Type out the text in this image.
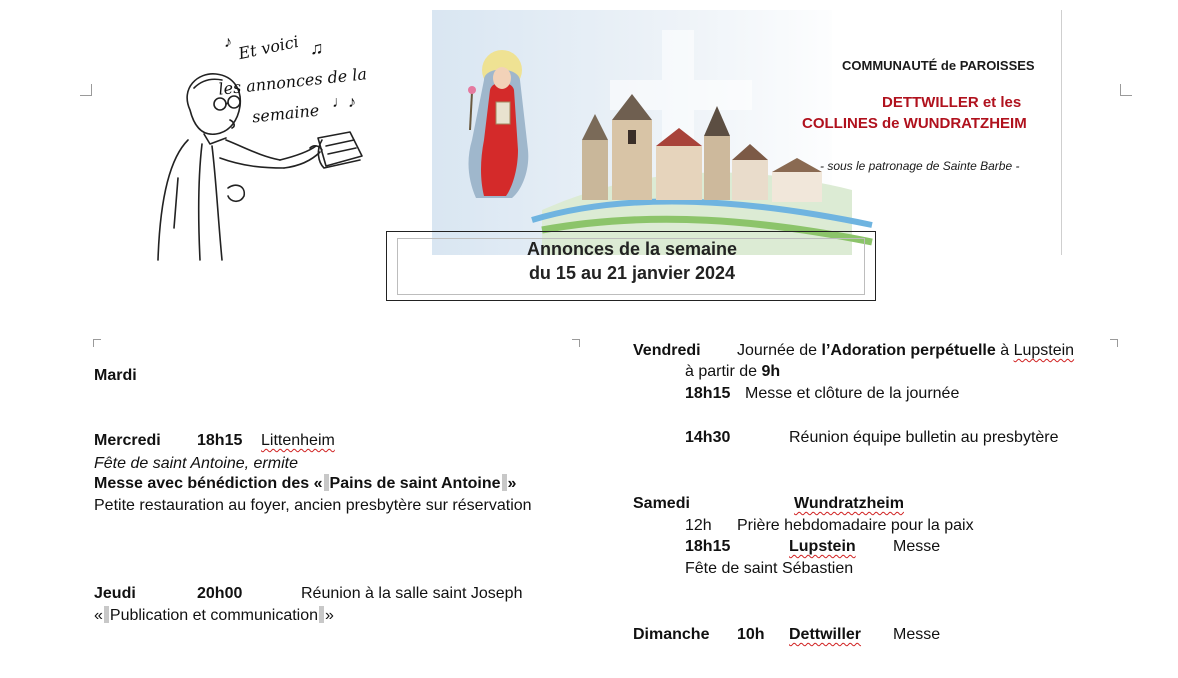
Et voici
♪	♫
les annonces de la
semaine ♩♪
COMMUNAUTÉ de PAROISSES
DETTWILLER et les
COLLINES de WUNDRATZHEIM
- sous le patronage de Sainte Barbe -
Annonces de la semaine
du 15 au 21 janvier 2024
Mardi
Mercredi 18h15 Littenheim
Fête de saint Antoine, ermite
Messe avec bénédiction des « Pains de saint Antoine »
Petite restauration au foyer, ancien presbytère sur réservation
Jeudi	20h00	Réunion à la salle saint Joseph
« Publication et communication »
Vendredi Journée de l’Adoration perpétuelle à Lupstein
à partir de 9h
18h15 Messe et clôture de la journée
14h30	Réunion équipe bulletin au presbytère
Samedi	Wundratzheim
12h Prière hebdomadaire pour la paix
18h15	Lupstein Messe
Fête de saint Sébastien
Dimanche 10h Dettwiller Messe
